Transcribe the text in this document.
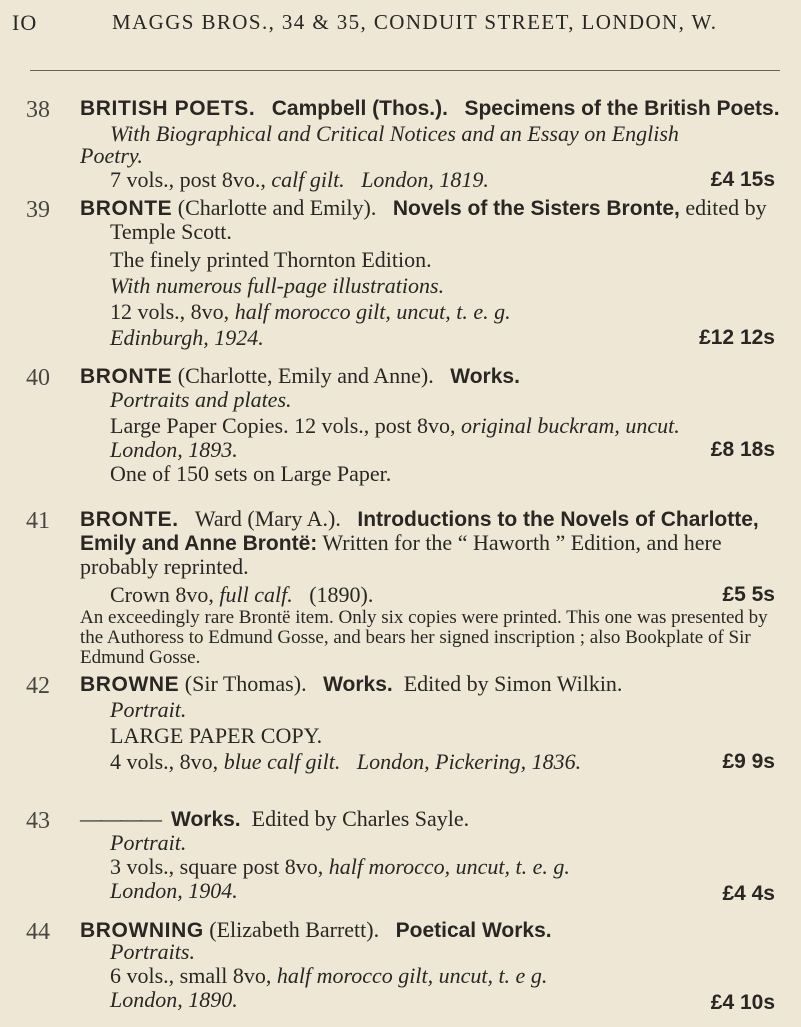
IO	MAGGS BROS., 34 & 35, CONDUIT STREET, LONDON, W.
38 BRITISH POETS. Campbell (Thos.). Specimens of the British Poets.
With Biographical and Critical Notices and an Essay on English
Poetry.
7 vols., post 8vo., calf gilt. London, 1819.	£4 15s
39 BRONTE (Charlotte and Emily). Novels of the Sisters Bronte, edited by
Temple Scott.
The finely printed Thornton Edition.
With numerous full-page illustrations.
12 vols., 8vo, half morocco gilt, uncut, t. e. g.
Edinburgh, 1924.	£12 12s
40 BRONTE (Charlotte, Emily and Anne). Works.
Portraits and plates.
Large Paper Copies. 12 vols., post 8vo, original buckram, uncut.
London, 1893.	£8 18s
One of 150 sets on Large Paper.
41 BRONTE. Ward (Mary A.). Introductions to the Novels of Charlotte,
Emily and Anne Brontë: Written for the “ Haworth ” Edition, and here
probably reprinted.
Crown 8vo, full calf. (1890).	£5 5s
An exceedingly rare Brontë item. Only six copies were printed. This one was presented by the Authoress to Edmund Gosse, and bears her signed inscription ; also Bookplate of Sir Edmund Gosse.
42 BROWNE (Sir Thomas). Works. Edited by Simon Wilkin.
Portrait.
LARGE PAPER COPY.
4 vols., 8vo, blue calf gilt. London, Pickering, 1836.	£9 9s
43 ———— Works. Edited by Charles Sayle.
Portrait.
3 vols., square post 8vo, half morocco, uncut, t. e. g.
London, 1904.	£4 4s
44 BROWNING (Elizabeth Barrett). Poetical Works.
Portraits.
6 vols., small 8vo, half morocco gilt, uncut, t. e g.
London, 1890.	£4 10s
